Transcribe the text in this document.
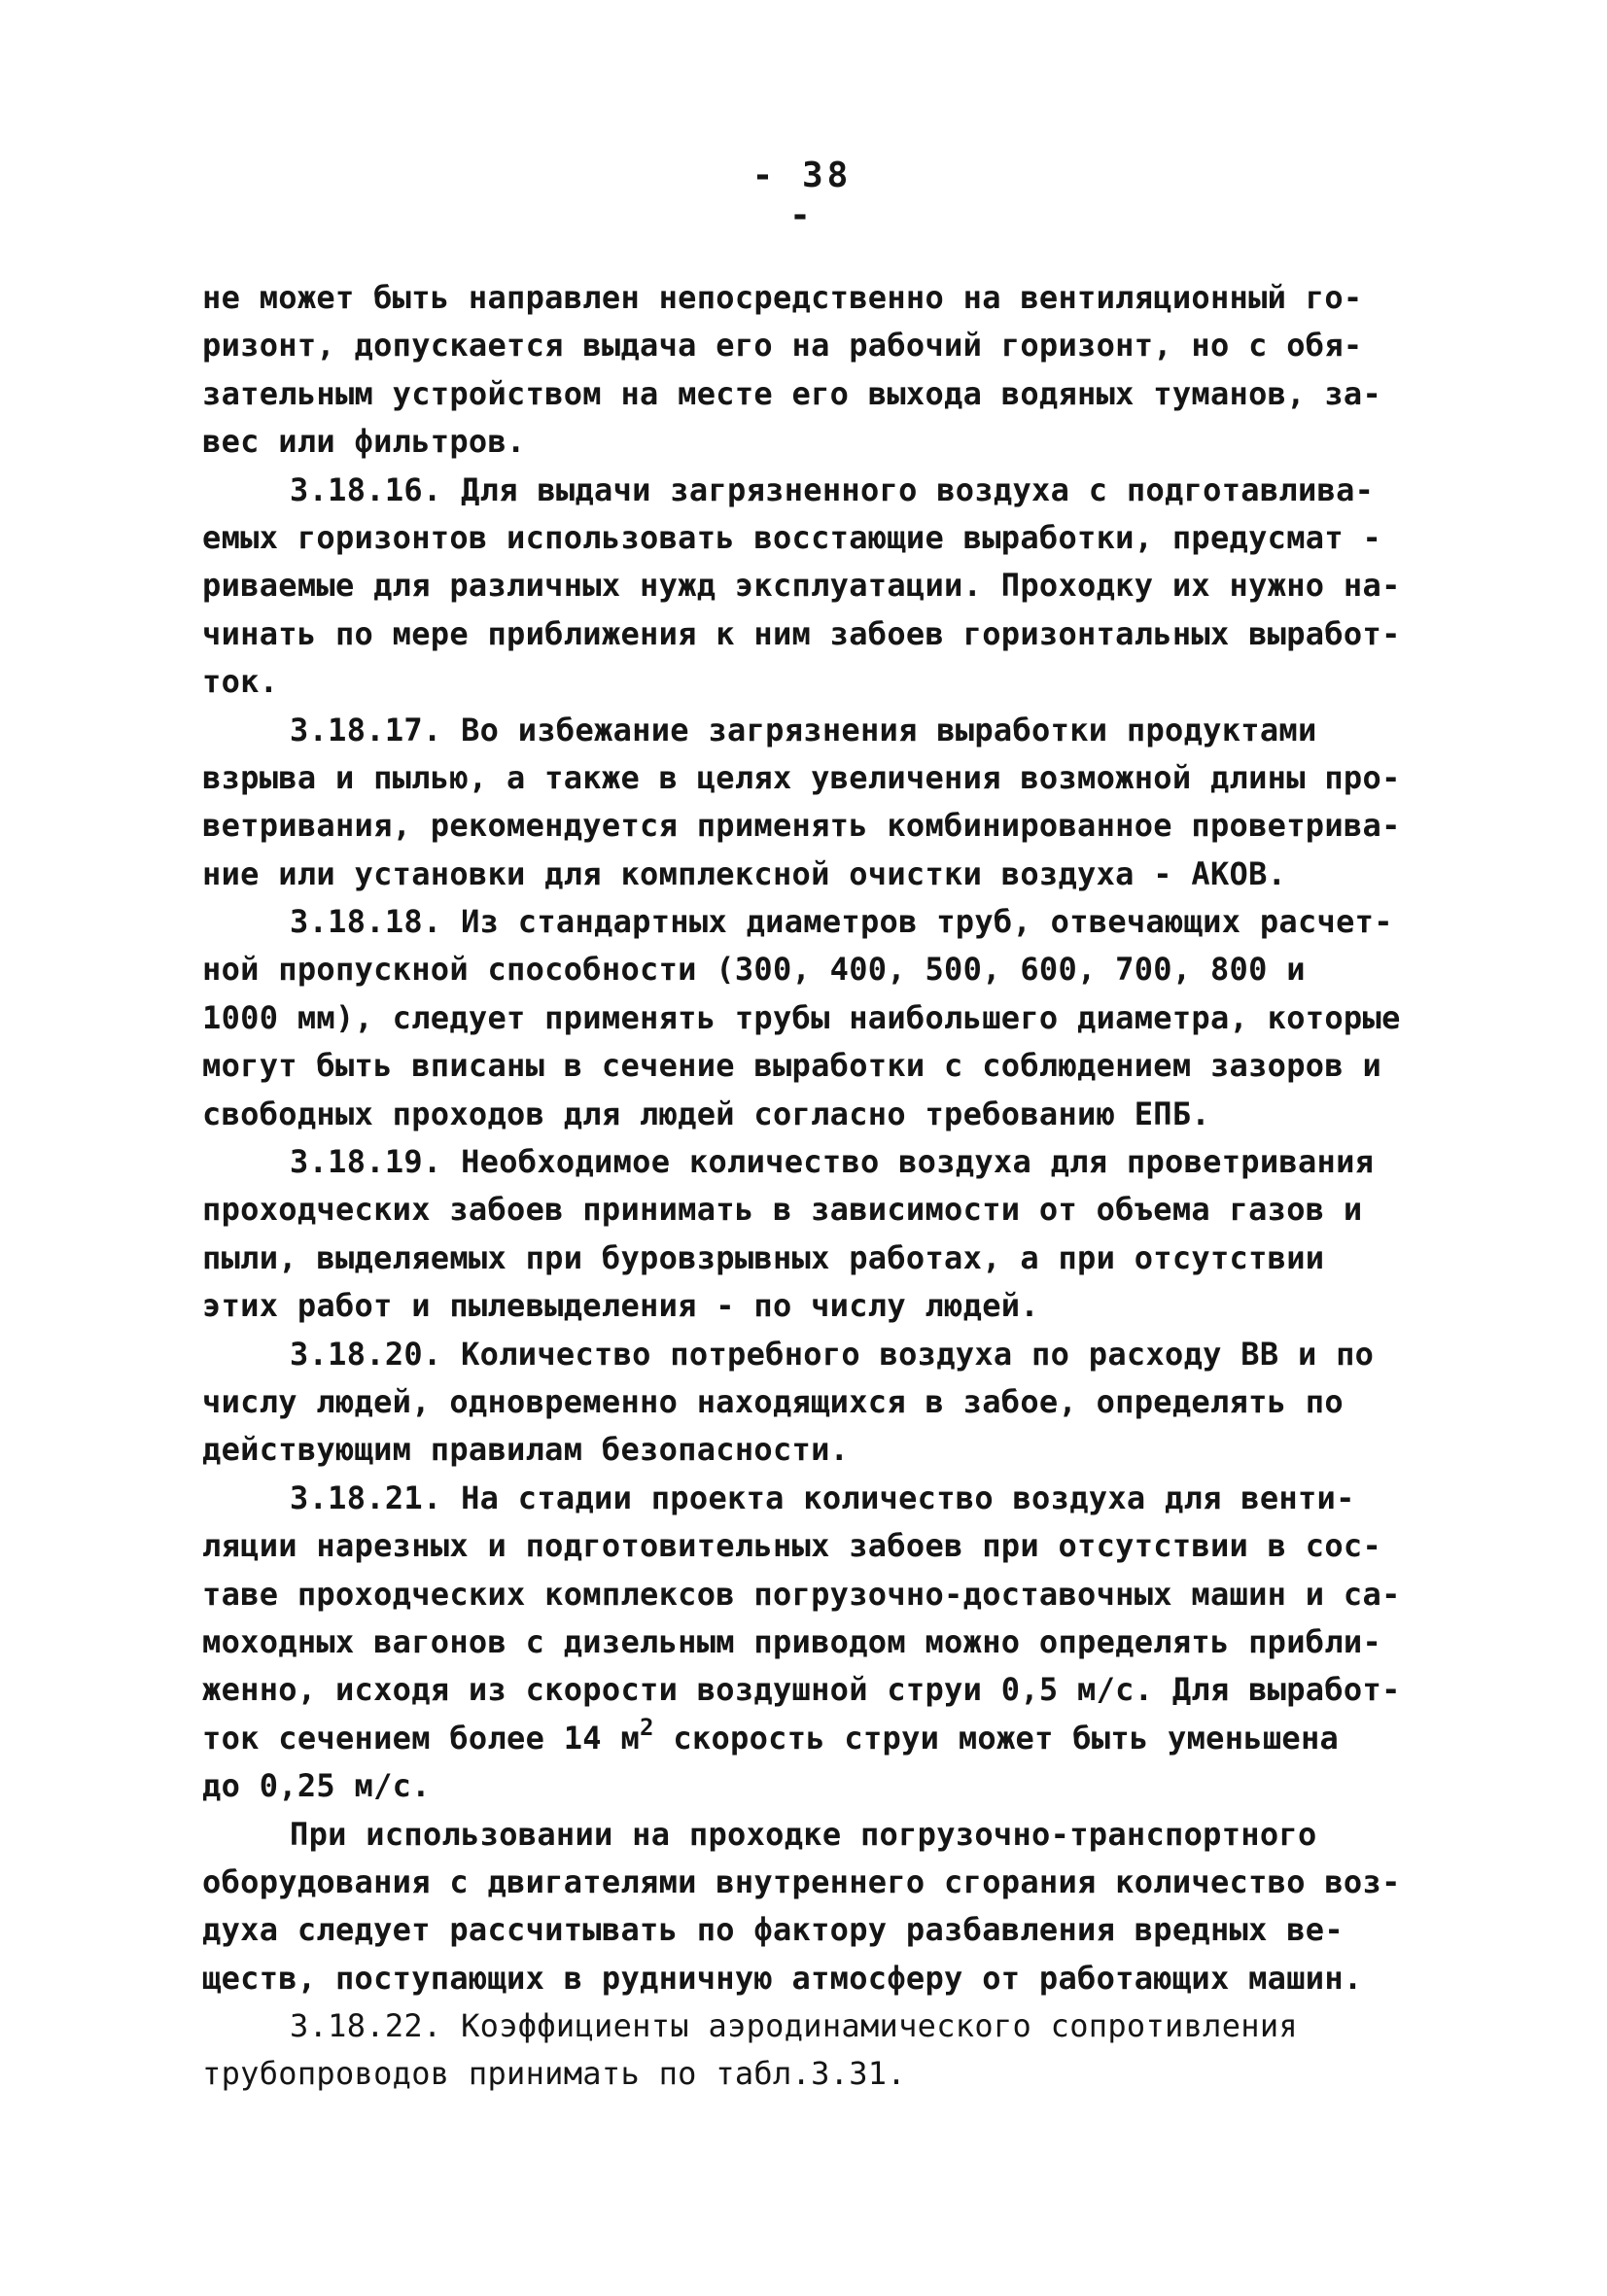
- 38 -
не может быть направлен непосредственно на вентиляционный го-
ризонт, допускается выдача его на рабочий горизонт, но с обя-
зательным устройством на месте его выхода водяных туманов, за-
вес или фильтров.
3.18.16. Для выдачи загрязненного воздуха с подготавлива-
емых горизонтов использовать восстающие выработки, предусмат -
риваемые для различных нужд эксплуатации. Проходку их нужно на-
чинать по мере приближения к ним забоев горизонтальных выработ-
ток.
3.18.17. Во избежание загрязнения выработки продуктами
взрыва и пылью, а также в целях увеличения возможной длины про-
ветривания, рекомендуется применять комбинированное проветрива-
ние или установки для комплексной очистки воздуха - АКОВ.
3.18.18. Из стандартных диаметров труб, отвечающих расчет-
ной пропускной способности (300, 400, 500, 600, 700, 800 и
1000 мм), следует применять трубы наибольшего диаметра, которые
могут быть вписаны в сечение выработки с соблюдением зазоров и
свободных проходов для людей согласно требованию ЕПБ.
3.18.19. Необходимое количество воздуха для проветривания
проходческих забоев принимать в зависимости от объема газов и
пыли, выделяемых при буровзрывных работах, а при отсутствии
этих работ и пылевыделения - по числу людей.
3.18.20. Количество потребного воздуха по расходу ВВ и по
числу людей, одновременно находящихся в забое, определять по
действующим правилам безопасности.
3.18.21. На стадии проекта количество воздуха для венти-
ляции нарезных и подготовительных забоев при отсутствии в сос-
таве проходческих комплексов погрузочно-доставочных машин и са-
моходных вагонов с дизельным приводом можно определять прибли-
женно, исходя из скорости воздушной струи 0,5 м/с. Для выработ-
ток сечением более 14 $м^2$ скорость струи может быть уменьшена
до 0,25 м/с.
При использовании на проходке погрузочно-транспортного
оборудования с двигателями внутреннего сгорания количество воз-
духа следует рассчитывать по фактору разбавления вредных ве-
ществ, поступающих в рудничную атмосферу от работающих машин.
3.18.22. Коэффициенты аэродинамического сопротивления
трубопроводов принимать по табл.3.31.
